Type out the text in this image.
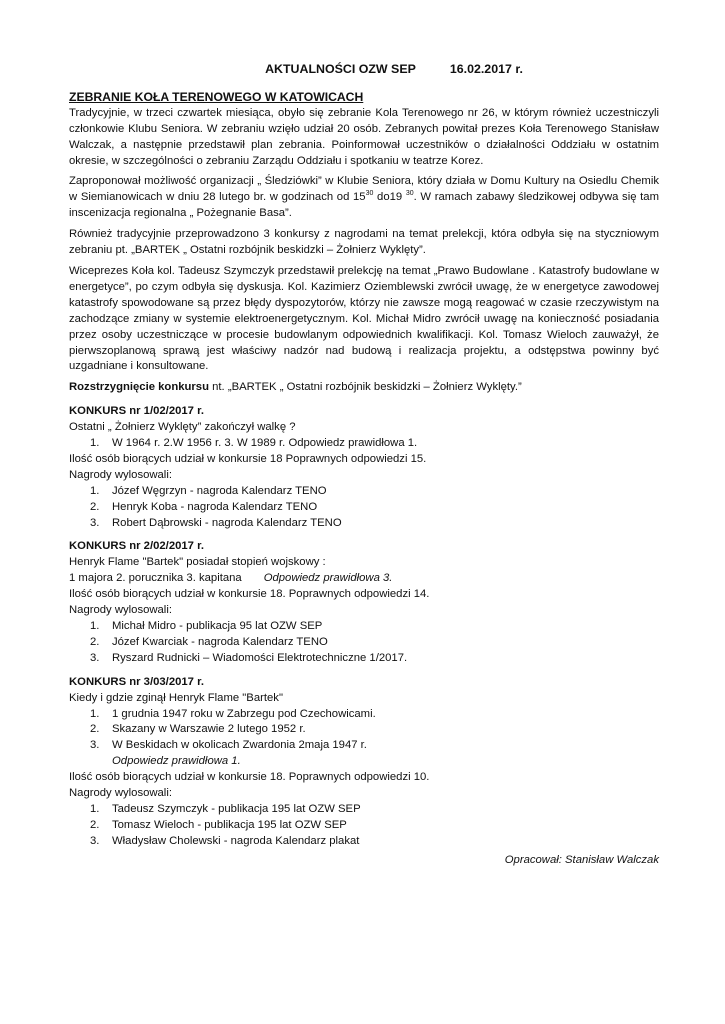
AKTUALNOŚCI OZW SEP	16.02.2017 r.

ZEBRANIE KOŁA TERENOWEGO W KATOWICACH

Tradycyjnie, w trzeci czwartek miesiąca, obyło się zebranie Kola Terenowego nr 26, w którym również uczestniczyli członkowie Klubu Seniora. W zebraniu wzięło udział 20 osób. Zebranych powitał prezes Koła Terenowego Stanisław Walczak, a następnie przedstawił plan zebrania. Poinformował uczestników o działalności Oddziału w ostatnim okresie, w szczególności o zebraniu Zarządu Oddziału i spotkaniu w teatrze Korez.

Zaproponował możliwość organizacji „ Śledziówki” w Klubie Seniora, który działa w Domu Kultury na Osiedlu Chemik w Siemianowicach w dniu 28 lutego br. w godzinach od $15^{30}$ do19 $^{30}$. W ramach zabawy śledzikowej odbywa się tam inscenizacja regionalna „ Pożegnanie Basa”.

Również tradycyjnie przeprowadzono 3 konkursy z nagrodami na temat prelekcji, która odbyła się na styczniowym zebraniu pt. „BARTEK „ Ostatni rozbójnik beskidzki – Żołnierz Wyklęty”.

Wiceprezes Koła kol. Tadeusz Szymczyk przedstawił prelekcję na temat „Prawo Budowlane . Katastrofy budowlane w energetyce”, po czym odbyła się dyskusja. Kol. Kazimierz Oziemblewski zwrócił uwagę, że w energetyce zawodowej katastrofy spowodowane są przez błędy dyspozytorów, którzy nie zawsze mogą reagować w czasie rzeczywistym na zachodzące zmiany w systemie elektroenergetycznym. Kol. Michał Midro zwrócił uwagę na konieczność posiadania przez osoby uczestniczące w procesie budowlanym odpowiednich kwalifikacji. Kol. Tomasz Wieloch zauważył, że pierwszoplanową sprawą jest właściwy nadzór nad budową i realizacja projektu, a odstępstwa powinny być uzgadniane i konsultowane.

Rozstrzygnięcie konkursu nt. „BARTEK „ Ostatni rozbójnik beskidzki – Żołnierz Wyklęty.”

KONKURS nr 1/02/2017 r.

Ostatni „ Żołnierz Wyklęty” zakończył walkę ?

1.	W 1964 r. 2.W 1956 r. 3. W 1989 r. Odpowiedz prawidłowa 1.

Ilość osób biorących udział w konkursie 18 Poprawnych odpowiedzi 15.

Nagrody wylosowali:

1.	Józef Węgrzyn - nagroda Kalendarz TENO
2.	Henryk Koba - nagroda Kalendarz TENO
3.	Robert Dąbrowski - nagroda Kalendarz TENO

KONKURS nr 2/02/2017 r.

Henryk Flame "Bartek" posiadał stopień wojskowy :

1 majora 2. porucznika 3. kapitana Odpowiedz prawidłowa 3.

Ilość osób biorących udział w konkursie 18. Poprawnych odpowiedzi 14.

Nagrody wylosowali:

1.	Michał Midro - publikacja 95 lat OZW SEP
2.	Józef Kwarciak - nagroda Kalendarz TENO
3.	Ryszard Rudnicki – Wiadomości Elektrotechniczne 1/2017.

KONKURS nr 3/03/2017 r.

Kiedy i gdzie zginął Henryk Flame "Bartek"

1.	1 grudnia 1947 roku w Zabrzegu pod Czechowicami.
2.	Skazany w Warszawie 2 lutego 1952 r.
3.	W Beskidach w okolicach Zwardonia 2maja 1947 r.

Odpowiedz prawidłowa 1.

Ilość osób biorących udział w konkursie 18. Poprawnych odpowiedzi 10.

Nagrody wylosowali:

1.	Tadeusz Szymczyk - publikacja 195 lat OZW SEP
2.	Tomasz Wieloch - publikacja 195 lat OZW SEP
3.	Władysław Cholewski - nagroda Kalendarz plakat

Opracował: Stanisław Walczak
